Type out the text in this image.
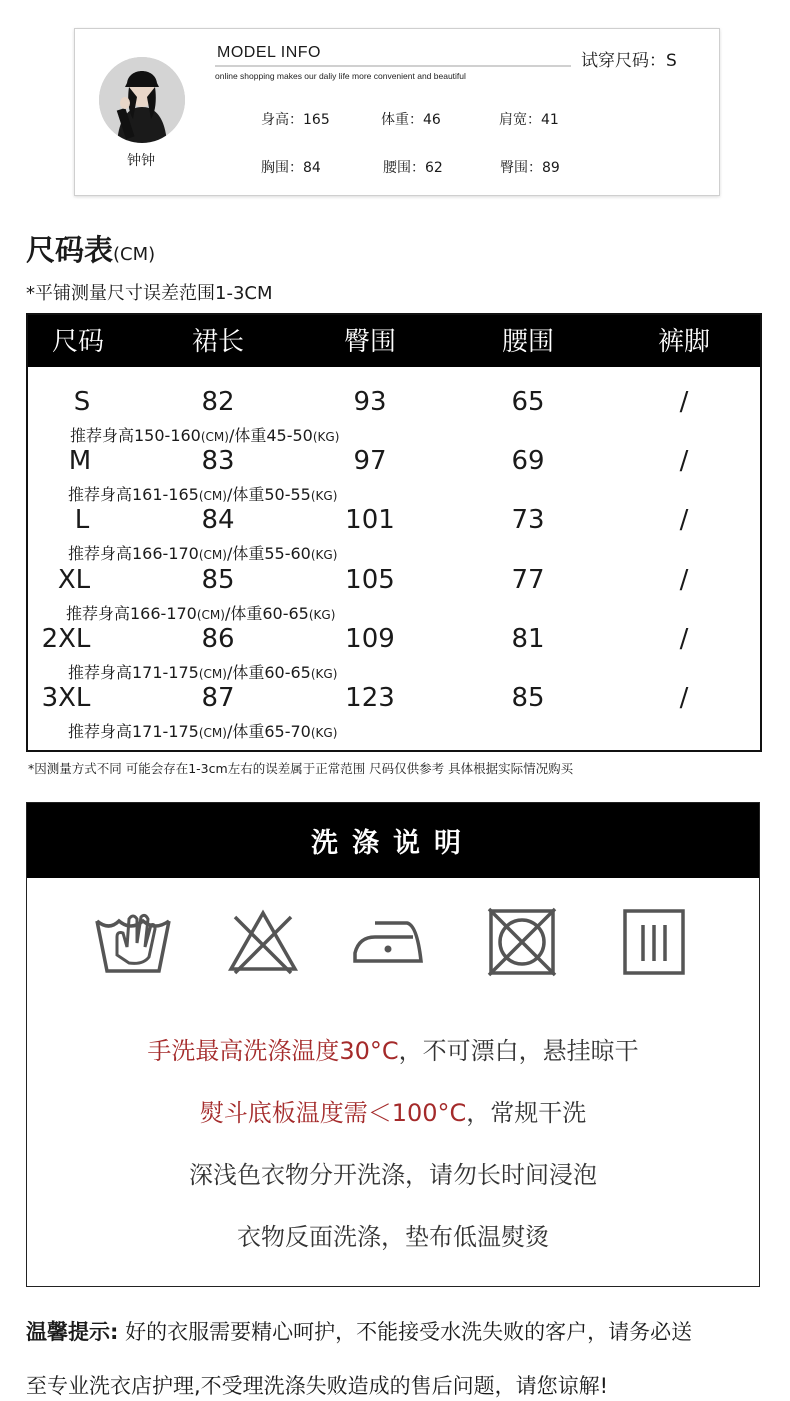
钟钟
MODEL INFO
online shopping makes our daliy life more convenient and beautiful
试穿尺码：S
身高：165	体重：46	肩宽：41
胸围：84	腰围：62	臀围：89
尺码表(CM)
*平铺测量尺寸误差范围1-3CM
尺码	裙长	臀围	腰围	裤脚
S	82	93	65	/
推荐身高150-160(CM)/体重45-50(KG)
M	83	97	69	/
推荐身高161-165(CM)/体重50-55(KG)
L	84	101	73	/
推荐身高166-170(CM)/体重55-60(KG)
XL	85	105	77	/
推荐身高166-170(CM)/体重60-65(KG)
2XL	86	109	81	/
推荐身高171-175(CM)/体重60-65(KG)
3XL	87	123	85	/
推荐身高171-175(CM)/体重65-70(KG)
*因测量方式不同 可能会存在1-3cm左右的误差属于正常范围 尺码仅供参考 具体根据实际情况购买
洗涤说明
手洗最高洗涤温度30°C，不可漂白，悬挂晾干
熨斗底板温度需＜100°C，常规干洗
深浅色衣物分开洗涤，请勿长时间浸泡
衣物反面洗涤，垫布低温熨烫
温馨提示: 好的衣服需要精心呵护，不能接受水洗失败的客户，请务必送
至专业洗衣店护理,不受理洗涤失败造成的售后问题，请您谅解!
